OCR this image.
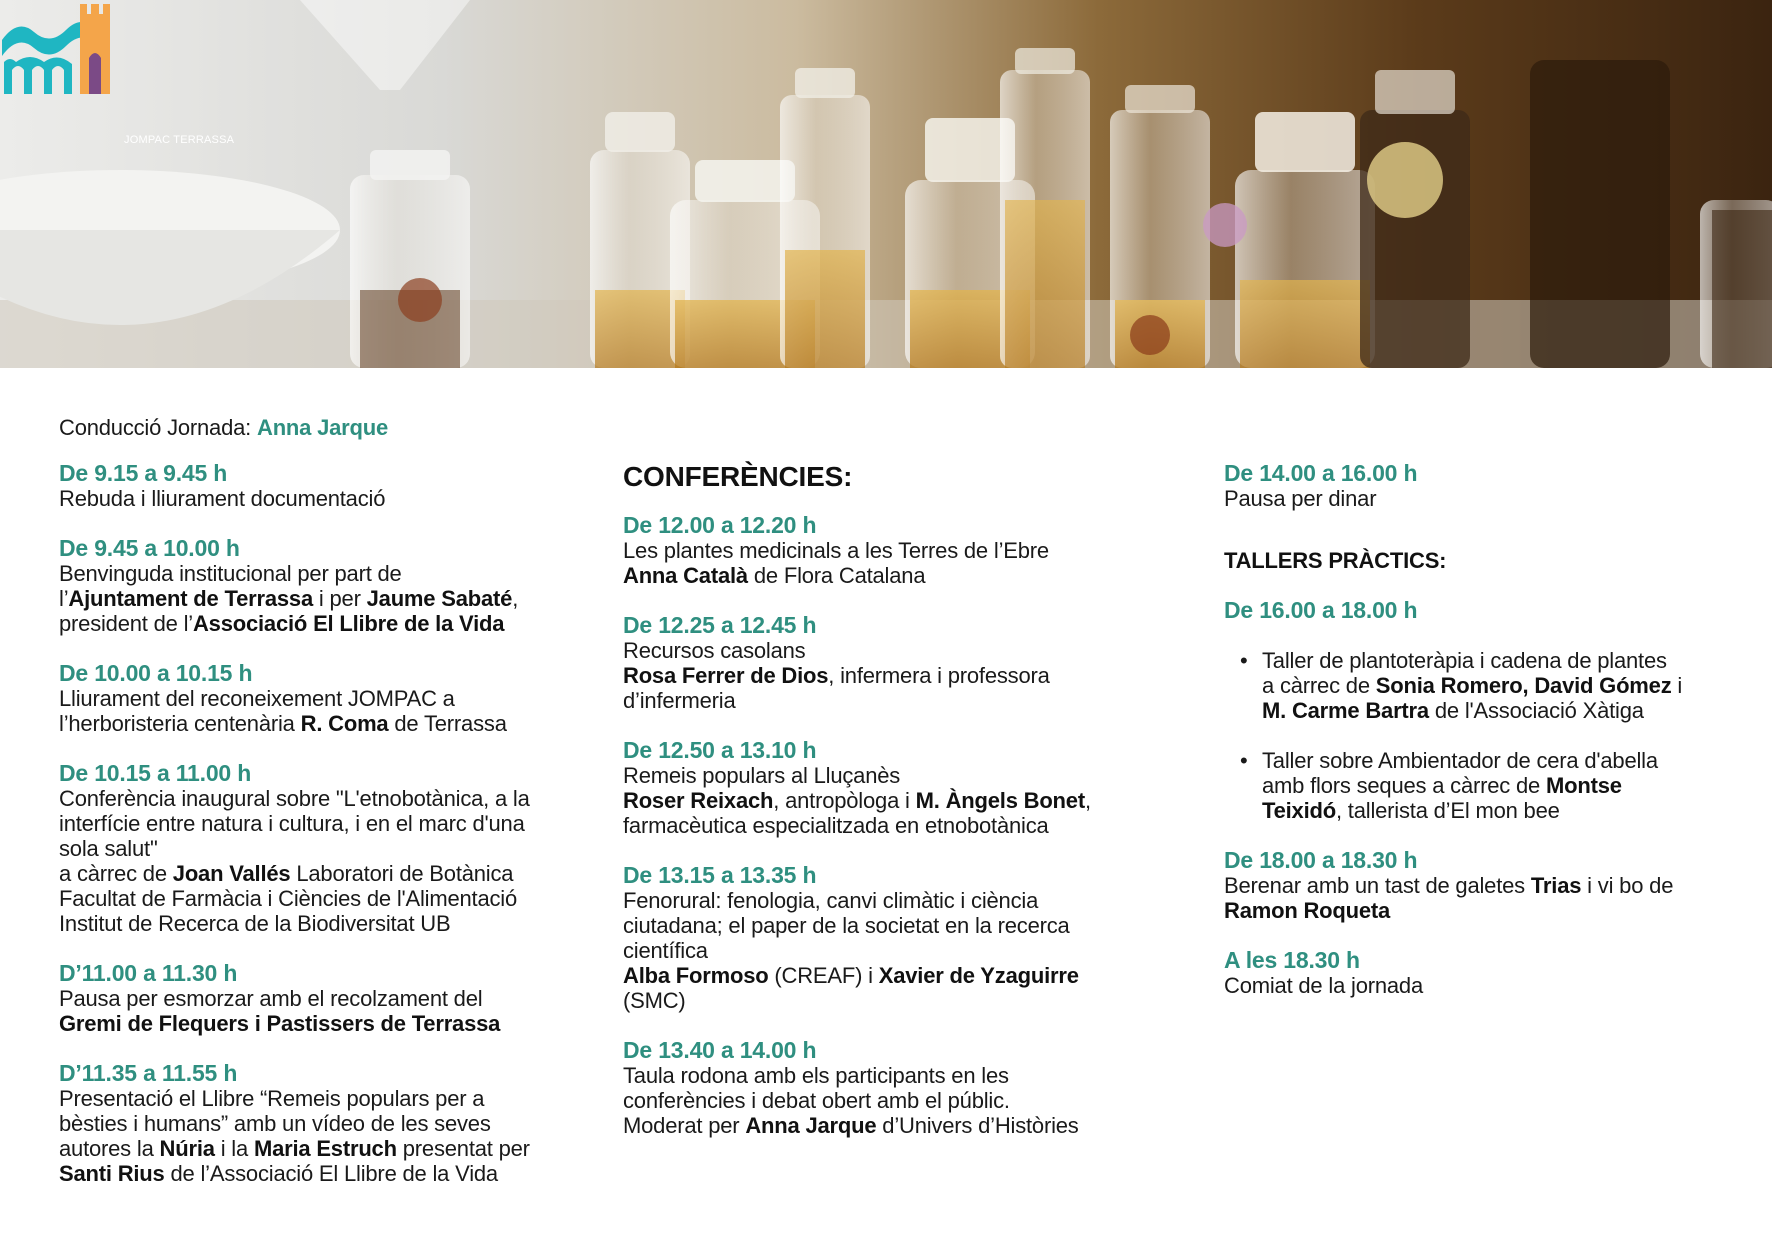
JOMPAC TERRASSA
Conducció Jornada: Anna Jarque
De 9.15 a 9.45 h
Rebuda i lliurament documentació
De 9.45 a 10.00 h
Benvinguda institucional per part de
l’Ajuntament de Terrassa i per Jaume Sabaté,
president de l’Associació El Llibre de la Vida
De 10.00 a 10.15 h
Lliurament del reconeixement JOMPAC a
l’herboristeria centenària R. Coma de Terrassa
De 10.15 a 11.00 h
Conferència inaugural sobre "L'etnobotànica, a la
interfície entre natura i cultura, i en el marc d'una
sola salut"
a càrrec de Joan Vallés Laboratori de Botànica
Facultat de Farmàcia i Ciències de l'Alimentació
Institut de Recerca de la Biodiversitat UB
D’11.00 a 11.30 h
Pausa per esmorzar amb el recolzament del
Gremi de Flequers i Pastissers de Terrassa
D’11.35 a 11.55 h
Presentació el Llibre “Remeis populars per a
bèsties i humans” amb un vídeo de les seves
autores la Núria i la Maria Estruch presentat per
Santi Rius de l’Associació El Llibre de la Vida
CONFERÈNCIES:
De 12.00 a 12.20 h
Les plantes medicinals a les Terres de l’Ebre
Anna Català de Flora Catalana
De 12.25 a 12.45 h
Recursos casolans
Rosa Ferrer de Dios, infermera i professora
d’infermeria
De 12.50 a 13.10 h
Remeis populars al Lluçanès
Roser Reixach, antropòloga i M. Àngels Bonet,
farmacèutica especialitzada en etnobotànica
De 13.15 a 13.35 h
Fenorural: fenologia, canvi climàtic i ciència
ciutadana; el paper de la societat en la recerca
científica
Alba Formoso (CREAF) i Xavier de Yzaguirre (SMC)
De 13.40 a 14.00 h
Taula rodona amb els participants en les
conferències i debat obert amb el públic.
Moderat per Anna Jarque d’Univers d’Històries
De 14.00 a 16.00 h
Pausa per dinar
TALLERS PRÀCTICS:
De 16.00 a 18.00 h
• Taller de plantoteràpia i cadena de plantes
a càrrec de Sonia Romero, David Gómez i
M. Carme Bartra de l'Associació Xàtiga
• Taller sobre Ambientador de cera d'abella
amb flors seques a càrrec de Montse
Teixidó, tallerista d’El mon bee
De 18.00 a 18.30 h
Berenar amb un tast de galetes Trias i vi bo de
Ramon Roqueta
A les 18.30 h
Comiat de la jornada
